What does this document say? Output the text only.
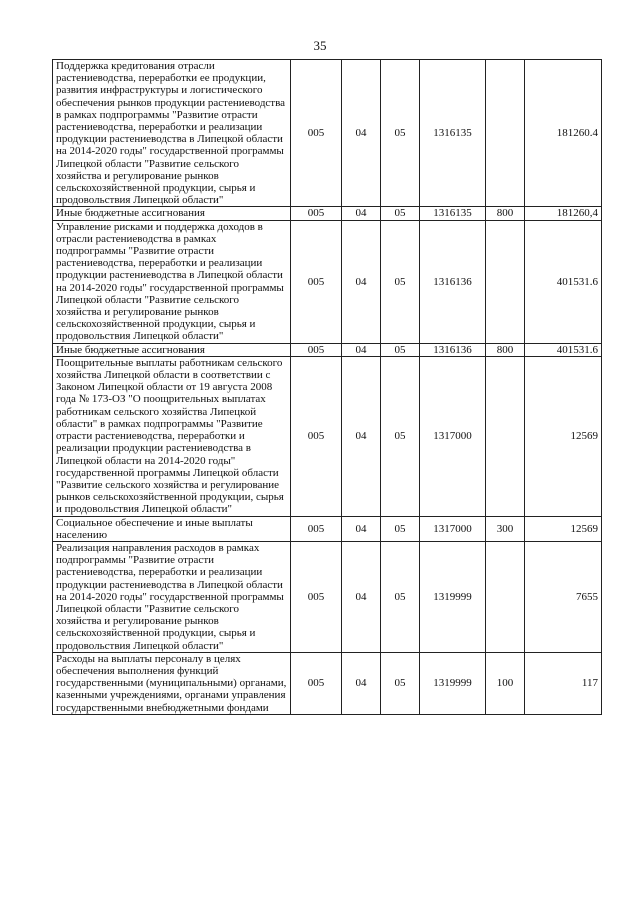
35
Поддержка кредитования отрасли растениеводства, переработки ее продукции, развития инфраструктуры и логистического обеспечения рынков продукции растениеводства в рамках подпрограммы "Развитие отрасти растениеводства, переработки и реализации продукции растениеводства в Липецкой области на 2014-2020 годы" государственной программы Липецкой области "Развитие сельского хозяйства и регулирование рынков сельскохозяйственной продукции, сырья и продовольствия Липецкой области"	005	04	05	1316135		181260.4
Иные бюджетные ассигнования	005	04	05	1316135	800	181260,4
Управление рисками и поддержка доходов в отрасли растениеводства в рамках подпрограммы "Развитие отрасти растениеводства, переработки и реализации продукции растениеводства в Липецкой области на 2014-2020 годы" государственной программы Липецкой области "Развитие сельского хозяйства и регулирование рынков сельскохозяйственной продукции, сырья и продовольствия Липецкой области"	005	04	05	1316136		401531.6
Иные бюджетные ассигнования	005	04	05	1316136	800	401531.6
Поощрительные выплаты работникам сельского хозяйства Липецкой области в соответствии с Законом Липецкой области от 19 августа 2008 года № 173-ОЗ "О поощрительных выплатах работникам сельского хозяйства Липецкой области" в рамках подпрограммы "Развитие отрасти растениеводства, переработки и реализации продукции растениеводства в Липецкой области на 2014-2020 годы" государственной программы Липецкой области "Развитие сельского хозяйства и регулирование рынков сельскохозяйственной продукции, сырья и продовольствия Липецкой области"	005	04	05	1317000		12569
Социальное обеспечение и иные выплаты населению	005	04	05	1317000	300	12569
Реализация направления расходов в рамках подпрограммы "Развитие отрасти растениеводства, переработки и реализации продукции растениеводства в Липецкой области на 2014-2020 годы" государственной программы Липецкой области "Развитие сельского хозяйства и регулирование рынков сельскохозяйственной продукции, сырья и продовольствия Липецкой области"	005	04	05	1319999		7655
Расходы на выплаты персоналу в целях обеспечения выполнения функций государственными (муниципальными) органами, казенными учреждениями, органами управления государственными внебюджетными фондами	005	04	05	1319999	100	117
